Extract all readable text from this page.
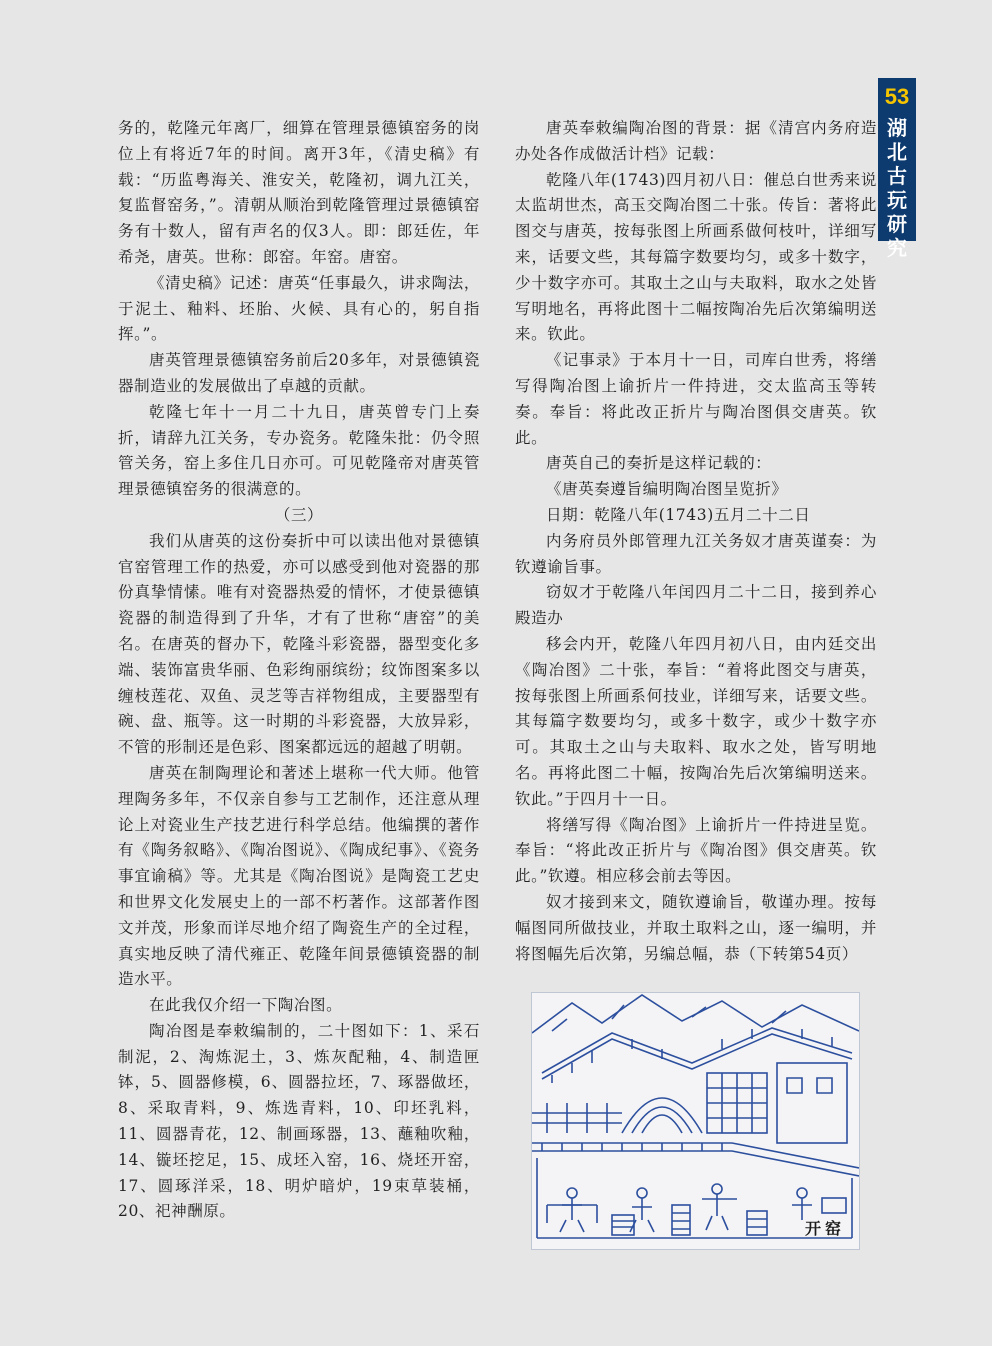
53
湖
北
古
玩
研
究

务的，乾隆元年离厂，细算在管理景德镇窑务的岗位上有将近7年的时间。离开3年，《清史稿》有载：“历监粤海关、淮安关，乾隆初，调九江关，复监督窑务，”。清朝从顺治到乾隆管理过景德镇窑务有十数人，留有声名的仅3人。即：郎廷佐，年希尧，唐英。世称：郎窑。年窑。唐窑。

《清史稿》记述：唐英“任事最久，讲求陶法，于泥土、釉料、坯胎、火候、具有心的，躬自指挥。”。

唐英管理景德镇窑务前后20多年，对景德镇瓷器制造业的发展做出了卓越的贡献。

乾隆七年十一月二十九日，唐英曾专门上奏折，请辞九江关务，专办瓷务。乾隆朱批：仍令照管关务，窑上多住几日亦可。可见乾隆帝对唐英管理景德镇窑务的很满意的。

（三）

我们从唐英的这份奏折中可以读出他对景德镇官窑管理工作的热爱，亦可以感受到他对瓷器的那份真挚情愫。唯有对瓷器热爱的情怀，才使景德镇瓷器的制造得到了升华，才有了世称“唐窑”的美名。在唐英的督办下，乾隆斗彩瓷器，器型变化多端、装饰富贵华丽、色彩绚丽缤纷；纹饰图案多以缠枝莲花、双鱼、灵芝等吉祥物组成，主要器型有碗、盘、瓶等。这一时期的斗彩瓷器，大放异彩，不管的形制还是色彩、图案都远远的超越了明朝。

唐英在制陶理论和著述上堪称一代大师。他管理陶务多年，不仅亲自参与工艺制作，还注意从理论上对瓷业生产技艺进行科学总结。他编撰的著作有《陶务叙略》、《陶冶图说》、《陶成纪事》、《瓷务事宜谕稿》等。尤其是《陶冶图说》是陶瓷工艺史和世界文化发展史上的一部不朽著作。这部著作图文并茂，形象而详尽地介绍了陶瓷生产的全过程，真实地反映了清代雍正、乾隆年间景德镇瓷器的制造水平。

在此我仅介绍一下陶冶图。

陶冶图是奉敕编制的，二十图如下：1、采石制泥，2、淘炼泥土，3、炼灰配釉，4、制造匣钵，5、圆器修模，6、圆器拉坯，7、琢器做坯，8、采取青料，9、炼选青料，10、印坯乳料，11、圆器青花，12、制画琢器，13、蘸釉吹釉，14、镟坯挖足，15、成坯入窑，16、烧坯开窑，17、圆琢洋采，18、明炉暗炉，19束草装桶，20、祀神酬原。

唐英奉敕编陶冶图的背景：据《清宫内务府造办处各作成做活计档》记载：

乾隆八年(1743)四月初八日：催总白世秀来说太监胡世杰，高玉交陶冶图二十张。传旨：著将此图交与唐英，按每张图上所画系做何枝叶，详细写来，话要文些，其每篇字数要均匀，或多十数字，少十数字亦可。其取土之山与夫取料，取水之处皆写明地名，再将此图十二幅按陶冶先后次第编明送来。钦此。

《记事录》于本月十一日，司库白世秀，将缮写得陶冶图上谕折片一件持进，交太监高玉等转奏。奉旨：将此改正折片与陶冶图俱交唐英。钦此。

唐英自己的奏折是这样记载的：

《唐英奏遵旨编明陶冶图呈览折》

日期：乾隆八年(1743)五月二十二日

内务府员外郎管理九江关务奴才唐英谨奏：为钦遵谕旨事。

窃奴才于乾隆八年闰四月二十二日，接到养心殿造办

移会内开，乾隆八年四月初八日，由内廷交出《陶冶图》二十张，奉旨：“着将此图交与唐英，按每张图上所画系何技业，详细写来，话要文些。其每篇字数要均匀，或多十数字，或少十数字亦可。其取土之山与夫取料、取水之处，皆写明地名。再将此图二十幅，按陶冶先后次第编明送来。钦此。”于四月十一日。

将缮写得《陶冶图》上谕折片一件持进呈览。奉旨：“将此改正折片与《陶冶图》俱交唐英。钦此。”钦遵。相应移会前去等因。

奴才接到来文，随钦遵谕旨，敬谨办理。按每幅图同所做技业，并取土取料之山，逐一编明，并将图幅先后次第，另编总幅，恭（下转第54页）

开窑
